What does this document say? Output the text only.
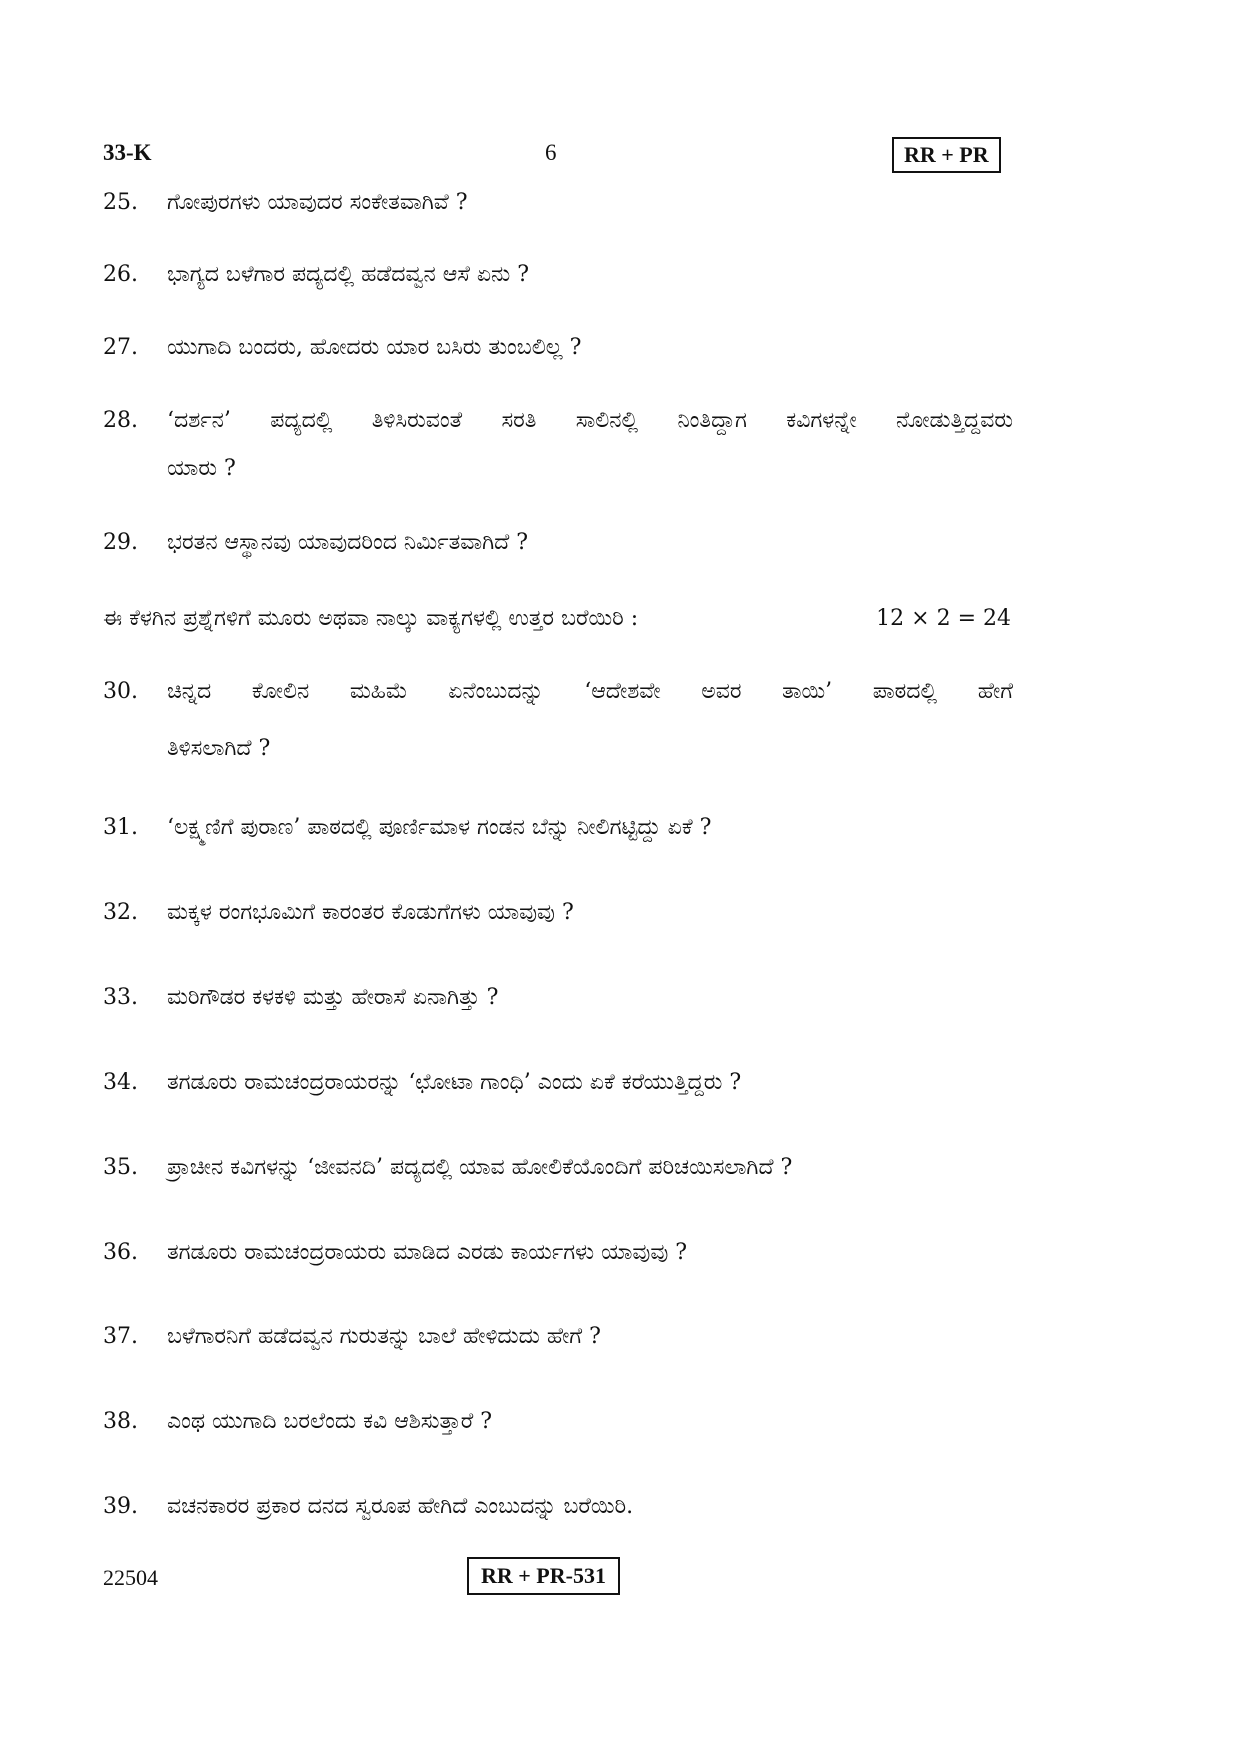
33-K	6	RR + PR
25. ಗೋಪುರಗಳು ಯಾವುದರ ಸಂಕೇತವಾಗಿವೆ ?
26. ಭಾಗ್ಯದ ಬಳೆಗಾರ ಪದ್ಯದಲ್ಲಿ ಹಡೆದವ್ವನ ಆಸೆ ಏನು ?
27. ಯುಗಾದಿ ಬಂದರು, ಹೋದರು ಯಾರ ಬಸಿರು ತುಂಬಲಿಲ್ಲ ?
28. ‘ದರ್ಶನ’ ಪದ್ಯದಲ್ಲಿ ತಿಳಿಸಿರುವಂತೆ ಸರತಿ ಸಾಲಿನಲ್ಲಿ ನಿಂತಿದ್ದಾಗ ಕವಿಗಳನ್ನೇ ನೋಡುತ್ತಿದ್ದವರು
ಯಾರು ?
29. ಭರತನ ಆಸ್ಥಾನವು ಯಾವುದರಿಂದ ನಿರ್ಮಿತವಾಗಿದೆ ?
ಈ ಕೆಳಗಿನ ಪ್ರಶ್ನೆಗಳಿಗೆ ಮೂರು ಅಥವಾ ನಾಲ್ಕು ವಾಕ್ಯಗಳಲ್ಲಿ ಉತ್ತರ ಬರೆಯಿರಿ :	12 × 2 = 24
30. ಚಿನ್ನದ ಕೋಲಿನ ಮಹಿಮೆ ಏನೆಂಬುದನ್ನು ‘ಆದೇಶವೇ ಅವರ ತಾಯಿ’ ಪಾಠದಲ್ಲಿ ಹೇಗೆ
ತಿಳಿಸಲಾಗಿದೆ ?
31. ‘ಲಕ್ಷ್ಮಣಿಗೆ ಪುರಾಣ’ ಪಾಠದಲ್ಲಿ ಪೂರ್ಣಿಮಾಳ ಗಂಡನ ಬೆನ್ನು ನೀಲಿಗಟ್ಟಿದ್ದು ಏಕೆ ?
32. ಮಕ್ಕಳ ರಂಗಭೂಮಿಗೆ ಕಾರಂತರ ಕೊಡುಗೆಗಳು ಯಾವುವು ?
33. ಮರಿಗೌಡರ ಕಳಕಳಿ ಮತ್ತು ಹೇರಾಸೆ ಏನಾಗಿತ್ತು ?
34. ತಗಡೂರು ರಾಮಚಂದ್ರರಾಯರನ್ನು ‘ಛೋಟಾ ಗಾಂಧಿ’ ಎಂದು ಏಕೆ ಕರೆಯುತ್ತಿದ್ದರು ?
35. ಪ್ರಾಚೀನ ಕವಿಗಳನ್ನು ‘ಜೀವನದಿ’ ಪದ್ಯದಲ್ಲಿ ಯಾವ ಹೋಲಿಕೆಯೊಂದಿಗೆ ಪರಿಚಯಿಸಲಾಗಿದೆ ?
36. ತಗಡೂರು ರಾಮಚಂದ್ರರಾಯರು ಮಾಡಿದ ಎರಡು ಕಾರ್ಯಗಳು ಯಾವುವು ?
37. ಬಳೆಗಾರನಿಗೆ ಹಡೆದವ್ವನ ಗುರುತನ್ನು ಬಾಲೆ ಹೇಳಿದುದು ಹೇಗೆ ?
38. ಎಂಥ ಯುಗಾದಿ ಬರಲೆಂದು ಕವಿ ಆಶಿಸುತ್ತಾರೆ ?
39. ವಚನಕಾರರ ಪ್ರಕಾರ ದನದ ಸ್ವರೂಪ ಹೇಗಿದೆ ಎಂಬುದನ್ನು ಬರೆಯಿರಿ.
22504	RR + PR-531
